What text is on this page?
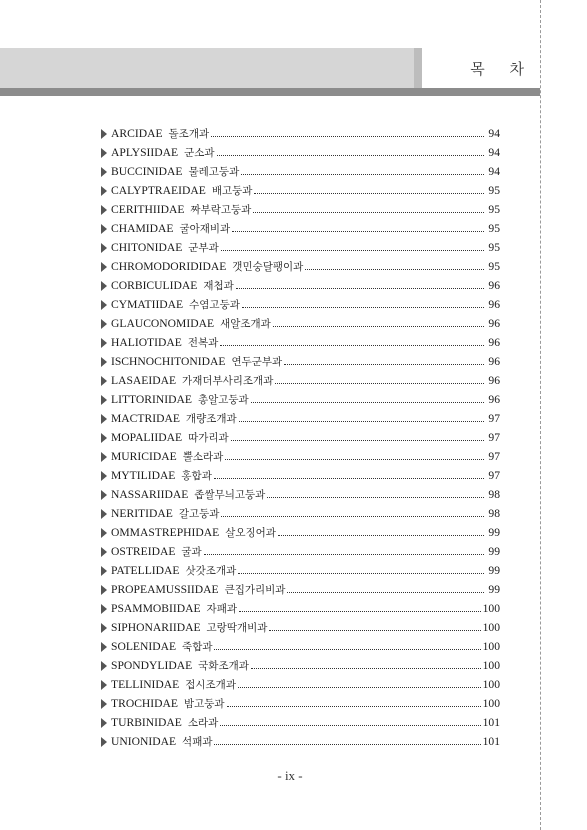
목 차
ARCIDAE 돌조개과	94
APLYSIIDAE 군소과	94
BUCCINIDAE 물레고둥과	94
CALYPTRAEIDAE 배고둥과	95
CERITHIIDAE 짜부락고둥과	95
CHAMIDAE 굴아재비과	95
CHITONIDAE 군부과	95
CHROMODORIDIDAE 갯민숭달팽이과	95
CORBICULIDAE 재첩과	96
CYMATIIDAE 수염고둥과	96
GLAUCONOMIDAE 새알조개과	96
HALIOTIDAE 전복과	96
ISCHNOCHITONIDAE 연두군부과	96
LASAEIDAE 가재더부사리조개과	96
LITTORINIDAE 총알고둥과	96
MACTRIDAE 개량조개과	97
MOPALIIDAE 따가리과	97
MURICIDAE 뿔소라과	97
MYTILIDAE 홍합과	97
NASSARIIDAE 좁쌀무늬고둥과	98
NERITIDAE 갈고둥과	98
OMMASTREPHIDAE 살오징어과	99
OSTREIDAE 굴과	99
PATELLIDAE 삿갓조개과	99
PROPEAMUSSIIDAE 큰집가리비과	99
PSAMMOBIIDAE 자패과	100
SIPHONARIIDAE 고랑딱개비과	100
SOLENIDAE 죽합과	100
SPONDYLIDAE 국화조개과	100
TELLINIDAE 접시조개과	100
TROCHIDAE 밤고둥과	100
TURBINIDAE 소라과	101
UNIONIDAE 석패과	101
- ix -
